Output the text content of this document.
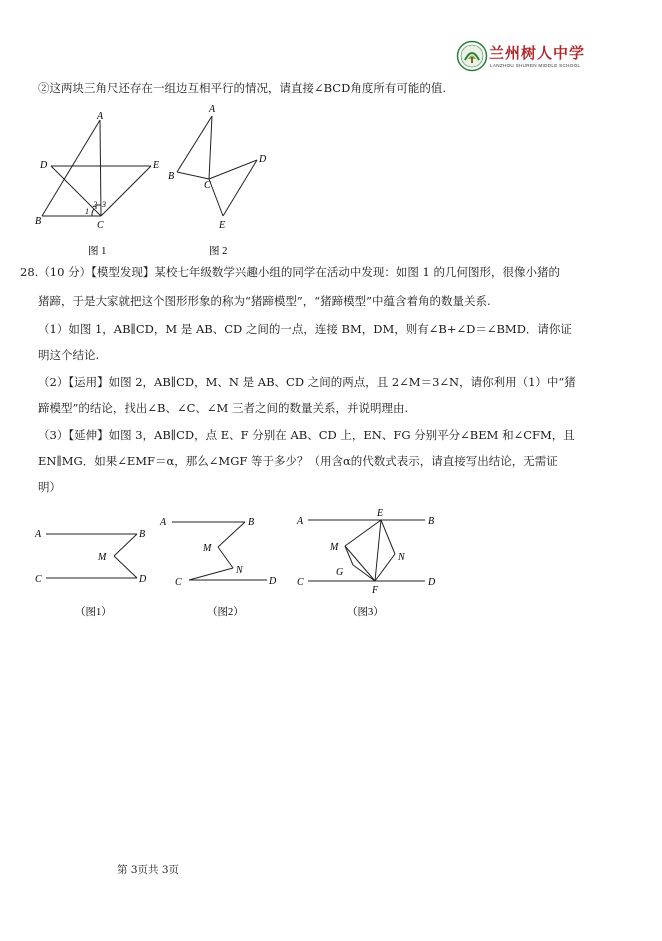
兰州树人中学
LANZHOU SHUREN MIDDLE SCHOOL
②这两块三角尺还存在一组边互相平行的情况，请直接∠BCD角度所有可能的值.
A
B	C
D	E
1
2 3
图 1
A
B
C
D
E
图 2
28.（10 分）【模型发现】某校七年级数学兴趣小组的同学在活动中发现：如图 1 的几何图形，很像小猪的
猪蹄，于是大家就把这个图形形象的称为“猪蹄模型”，“猪蹄模型”中蕴含着角的数量关系.
（1）如图 1，AB∥CD，M 是 AB、CD 之间的一点，连接 BM，DM，则有∠B+∠D＝∠BMD．请你证
明这个结论.
（2）【运用】如图 2，AB∥CD，M、N 是 AB、CD 之间的两点，且 2∠M＝3∠N，请你利用（1）中“猪
蹄模型”的结论，找出∠B、∠C、∠M 三者之间的数量关系，并说明理由.
（3）【延伸】如图 3，AB∥CD，点 E、F 分别在 AB、CD 上，EN、FG 分别平分∠BEM 和∠CFM，且
EN∥MG．如果∠EMF＝α，那么∠MGF 等于多少？（用含α的代数式表示，请直接写出结论，无需证
明）
A	B
C	D
M
（图1）
A	B
C	D
M
N
（图2）
A	B
C	D
E
F
G
M
N
（图3）
第 3页共 3页
